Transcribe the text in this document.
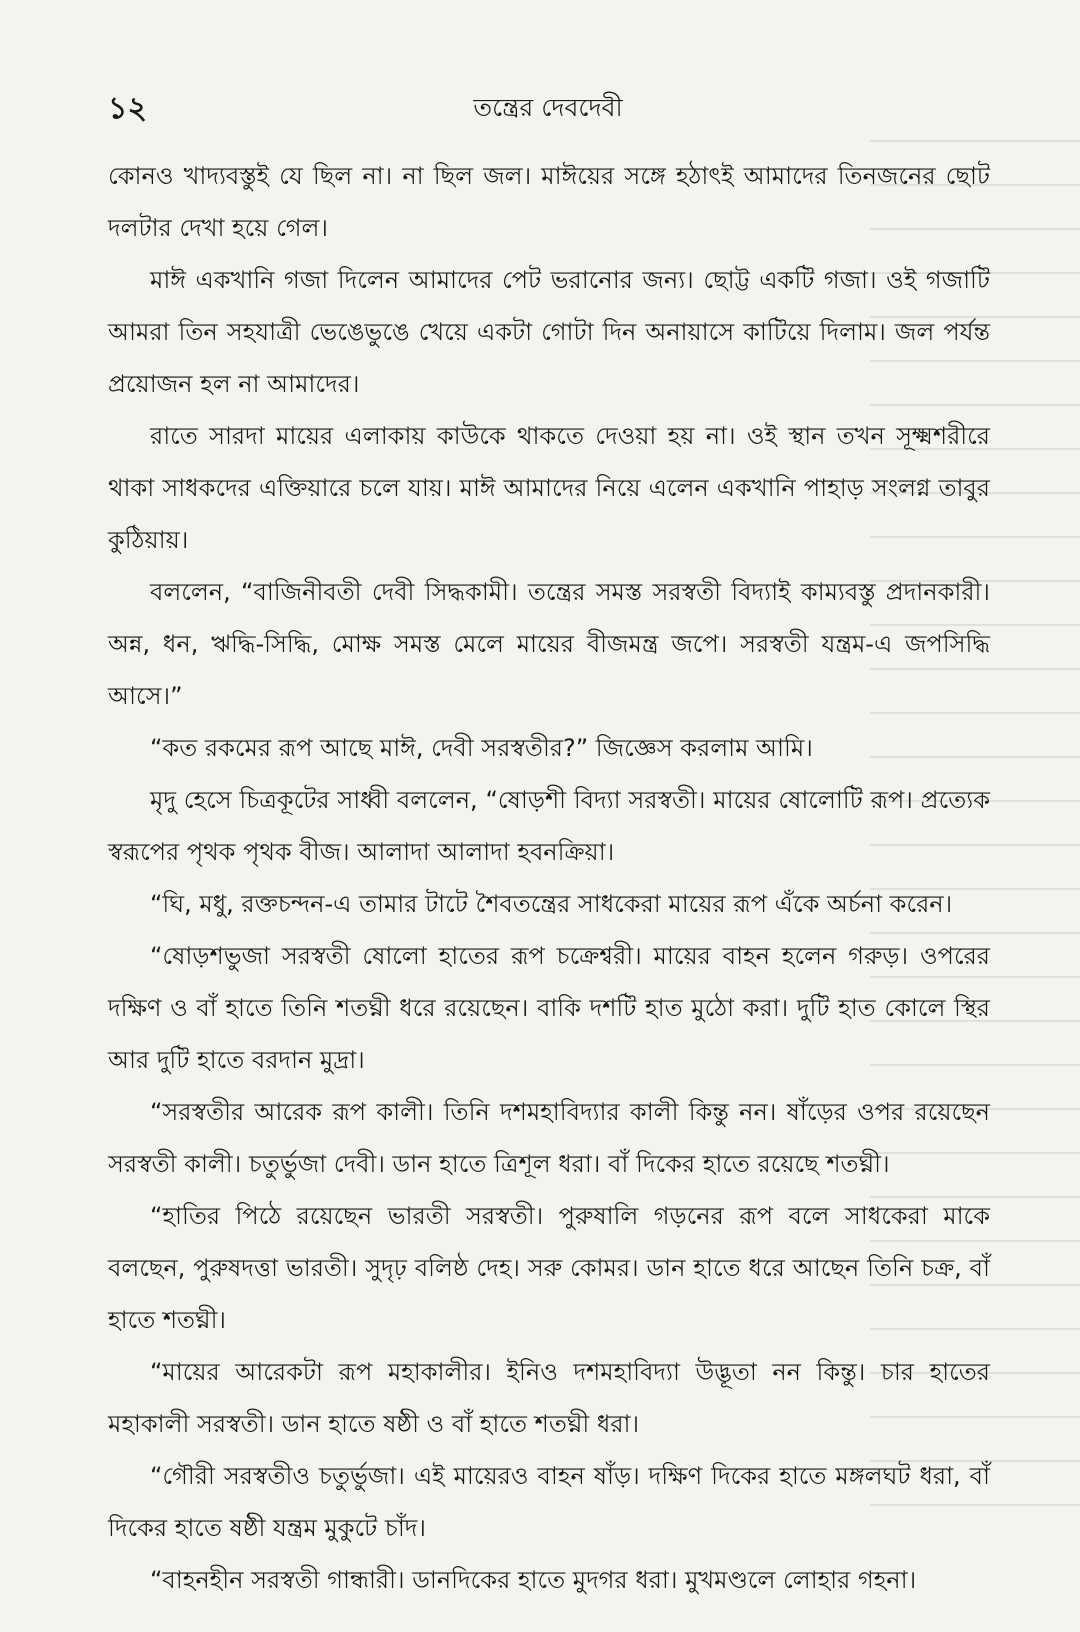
১২	তন্ত্রের দেবদেবী

কোনও খাদ্যবস্তুই যে ছিল না। না ছিল জল। মাঈয়ের সঙ্গে হঠাৎই আমাদের তিনজনের ছোট দলটার দেখা হয়ে গেল।

মাঈ একখানি গজা দিলেন আমাদের পেট ভরানোর জন্য। ছোট্ট একটি গজা। ওই গজাটি আমরা তিন সহযাত্রী ভেঙেভুঙে খেয়ে একটা গোটা দিন অনায়াসে কাটিয়ে দিলাম। জল পর্যন্ত প্রয়োজন হল না আমাদের।

রাতে সারদা মায়ের এলাকায় কাউকে থাকতে দেওয়া হয় না। ওই স্থান তখন সূক্ষ্মশরীরে থাকা সাধকদের এক্তিয়ারে চলে যায়। মাঈ আমাদের নিয়ে এলেন একখানি পাহাড় সংলগ্ন তাবুর কুঠিয়ায়।

বললেন, “বাজিনীবতী দেবী সিদ্ধকামী। তন্ত্রের সমস্ত সরস্বতী বিদ্যাই কাম্যবস্তু প্রদানকারী। অন্ন, ধন, ঋদ্ধি-সিদ্ধি, মোক্ষ সমস্ত মেলে মায়ের বীজমন্ত্র জপে। সরস্বতী যন্ত্রম-এ জপসিদ্ধি আসে।”

“কত রকমের রূপ আছে মাঈ, দেবী সরস্বতীর?” জিজ্ঞেস করলাম আমি।

মৃদু হেসে চিত্রকূটের সাধ্বী বললেন, “ষোড়শী বিদ্যা সরস্বতী। মায়ের ষোলোটি রূপ। প্রত্যেক স্বরূপের পৃথক পৃথক বীজ। আলাদা আলাদা হবনক্রিয়া।

“ঘি, মধু, রক্তচন্দন-এ তামার টাটে শৈবতন্ত্রের সাধকেরা মায়ের রূপ এঁকে অর্চনা করেন।

“ষোড়শভুজা সরস্বতী ষোলো হাতের রূপ চক্রেশ্বরী। মায়ের বাহন হলেন গরুড়। ওপরের দক্ষিণ ও বাঁ হাতে তিনি শতঘ্নী ধরে রয়েছেন। বাকি দশটি হাত মুঠো করা। দুটি হাত কোলে স্থির আর দুটি হাতে বরদান মুদ্রা।

“সরস্বতীর আরেক রূপ কালী। তিনি দশমহাবিদ্যার কালী কিন্তু নন। ষাঁড়ের ওপর রয়েছেন সরস্বতী কালী। চতুর্ভুজা দেবী। ডান হাতে ত্রিশূল ধরা। বাঁ দিকের হাতে রয়েছে শতঘ্নী।

“হাতির পিঠে রয়েছেন ভারতী সরস্বতী। পুরুষালি গড়নের রূপ বলে সাধকেরা মাকে বলছেন, পুরুষদত্তা ভারতী। সুদৃঢ় বলিষ্ঠ দেহ। সরু কোমর। ডান হাতে ধরে আছেন তিনি চক্র, বাঁ হাতে শতঘ্নী।

“মায়ের আরেকটা রূপ মহাকালীর। ইনিও দশমহাবিদ্যা উদ্ভূতা নন কিন্তু। চার হাতের মহাকালী সরস্বতী। ডান হাতে ষষ্ঠী ও বাঁ হাতে শতঘ্নী ধরা।

“গৌরী সরস্বতীও চতুর্ভুজা। এই মায়েরও বাহন ষাঁড়। দক্ষিণ দিকের হাতে মঙ্গলঘট ধরা, বাঁ দিকের হাতে ষষ্ঠী যন্ত্রম মুকুটে চাঁদ।

“বাহনহীন সরস্বতী গান্ধারী। ডানদিকের হাতে মুদগর ধরা। মুখমণ্ডলে লোহার গহনা।
